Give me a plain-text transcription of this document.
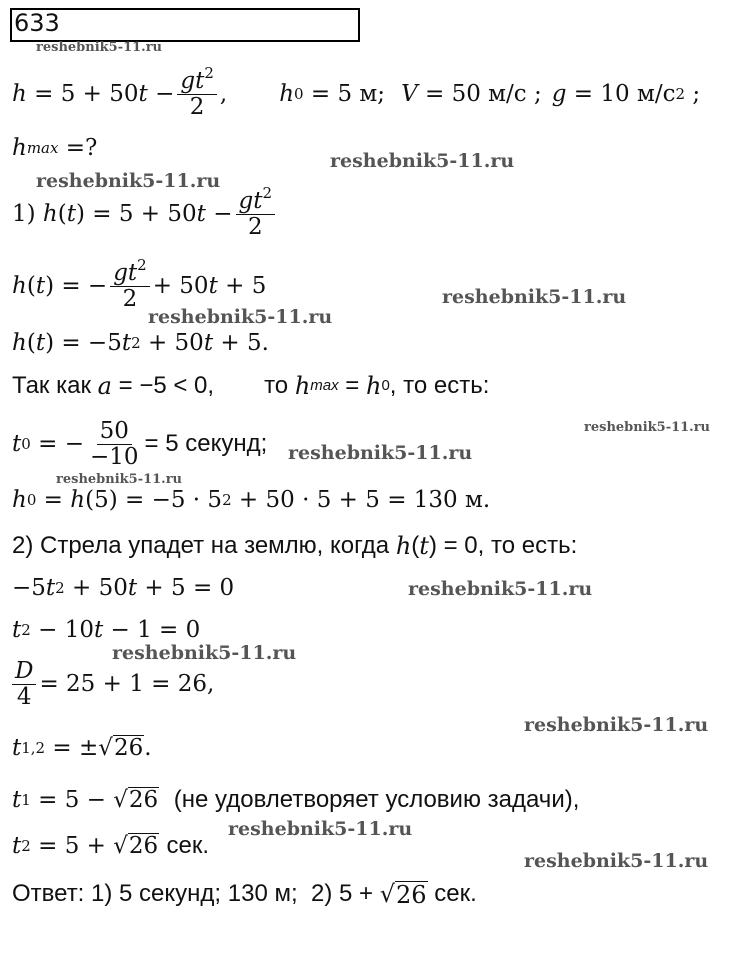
633
h = 5 + 50 $t - \frac{gt^2}{2}$ , h 0 = 5 м; V = 50 м/с ; g = 10 м/с 2 ;
h max
=?
1)
h ( t ) = 5 + 50 $t - \frac{gt^2}{2}$
h ( t ) = − $\frac{gt^2}{2} + 50$ t + 5
h ( t ) = −5 t 2 + 50 t + 5.
Так как
a = −5 < 0, то
h max = h 0 , то есть:
t 0 = − $\frac{50}{-10} = 5$ секунд;
h 0 = h (5) = −5 · 5 2 + 50 · 5 + 5 = 130 м.
2) Стрела упадет на землю, когда
h ( t ) = 0 , то есть:
−5 t 2 + 50 t + 5 = 0
t 2 − 10 t − 1 = 0
$\frac{D}{4} = 25 + 1 = 26$,
t 1,2 = ± √ 26 .
t 1 = 5 − √ 26
(не удовлетворяет условию задачи),
t 2 = 5 + √ 26
сек.
Ответ: 1) 5 секунд; 130 м;
2) 5 +
√ 26
сек.
reshebnik5-11.ru
reshebnik5-11.ru
reshebnik5-11.ru
reshebnik5-11.ru
reshebnik5-11.ru
reshebnik5-11.ru
reshebnik5-11.ru
reshebnik5-11.ru
reshebnik5-11.ru
reshebnik5-11.ru
reshebnik5-11.ru
reshebnik5-11.ru
reshebnik5-11.ru
